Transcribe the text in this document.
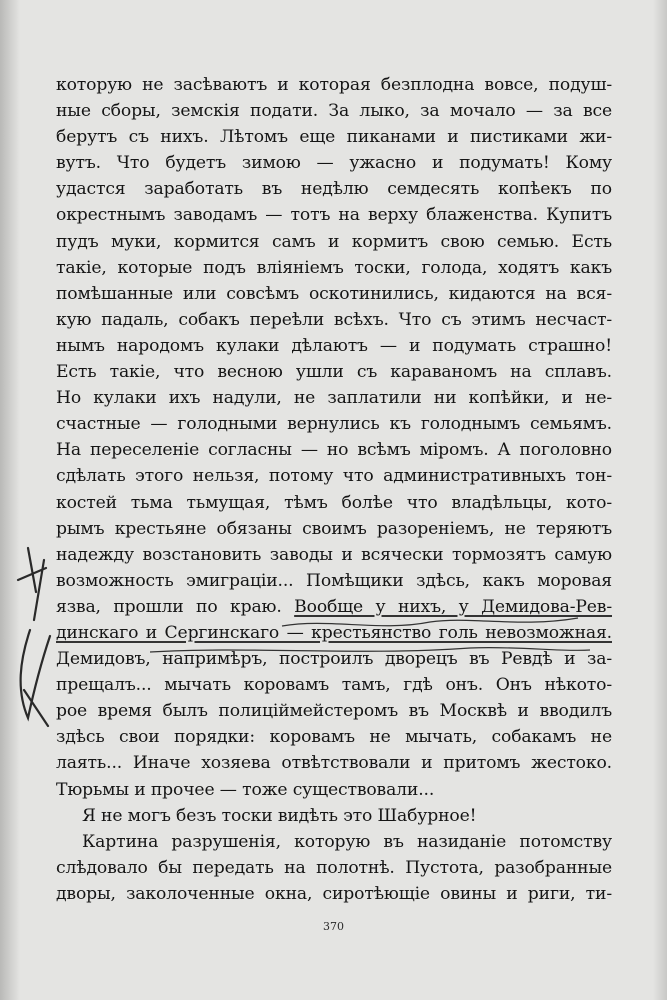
которую не засѣваютъ и которая безплодна вовсе, подуш-
ные сборы, земскія подати. За лыко, за мочало — за все
берутъ съ нихъ. Лѣтомъ еще пиканами и пистиками жи-
вутъ. Что будетъ зимою — ужасно и подумать! Кому
удастся заработать въ недѣлю семдесять копѣекъ по
окрестнымъ заводамъ — тотъ на верху блаженства. Купитъ
пудъ муки, кормится самъ и кормитъ свою семью. Есть
такіе, которые подъ вліяніемъ тоски, голода, ходятъ какъ
помѣшанные или совсѣмъ оскотинились, кидаются на вся-
кую падаль, собакъ переѣли всѣхъ. Что съ этимъ несчаст-
нымъ народомъ кулаки дѣлаютъ — и подумать страшно!
Есть такіе, что весною ушли съ караваномъ на сплавъ.
Но кулаки ихъ надули, не заплатили ни копѣйки, и не-
счастные — голодными вернулись къ голоднымъ семьямъ.
На переселеніе согласны — но всѣмъ міромъ. А поголовно
сдѣлать этого нельзя, потому что административныхъ тон-
костей тьма тьмущая, тѣмъ болѣе что владѣльцы, кото-
рымъ крестьяне обязаны своимъ разореніемъ, не теряютъ
надежду возстановить заводы и всячески тормозятъ самую
возможность эмиграціи... Помѣщики здѣсь, какъ моровая
язва, прошли по краю. Вообще у нихъ, у Демидова-Рев-
динскаго и Сергинскаго — крестьянство голь невозможная.
Демидовъ, напримѣръ, построилъ дворецъ въ Ревдѣ и за-
прещалъ... мычать коровамъ тамъ, гдѣ онъ. Онъ нѣкото-
рое время былъ полиціймейстеромъ въ Москвѣ и вводилъ
здѣсь свои порядки: коровамъ не мычать, собакамъ не
лаять... Иначе хозяева отвѣтствовали и притомъ жестоко.
Тюрьмы и прочее — тоже существовали...
Я не могъ безъ тоски видѣть это Шабурное!
Картина разрушенія, которую въ назиданіе потомству
слѣдовало бы передать на полотнѣ. Пустота, разобранные
дворы, заколоченные окна, сиротѣющіе овины и риги, ти-
370
